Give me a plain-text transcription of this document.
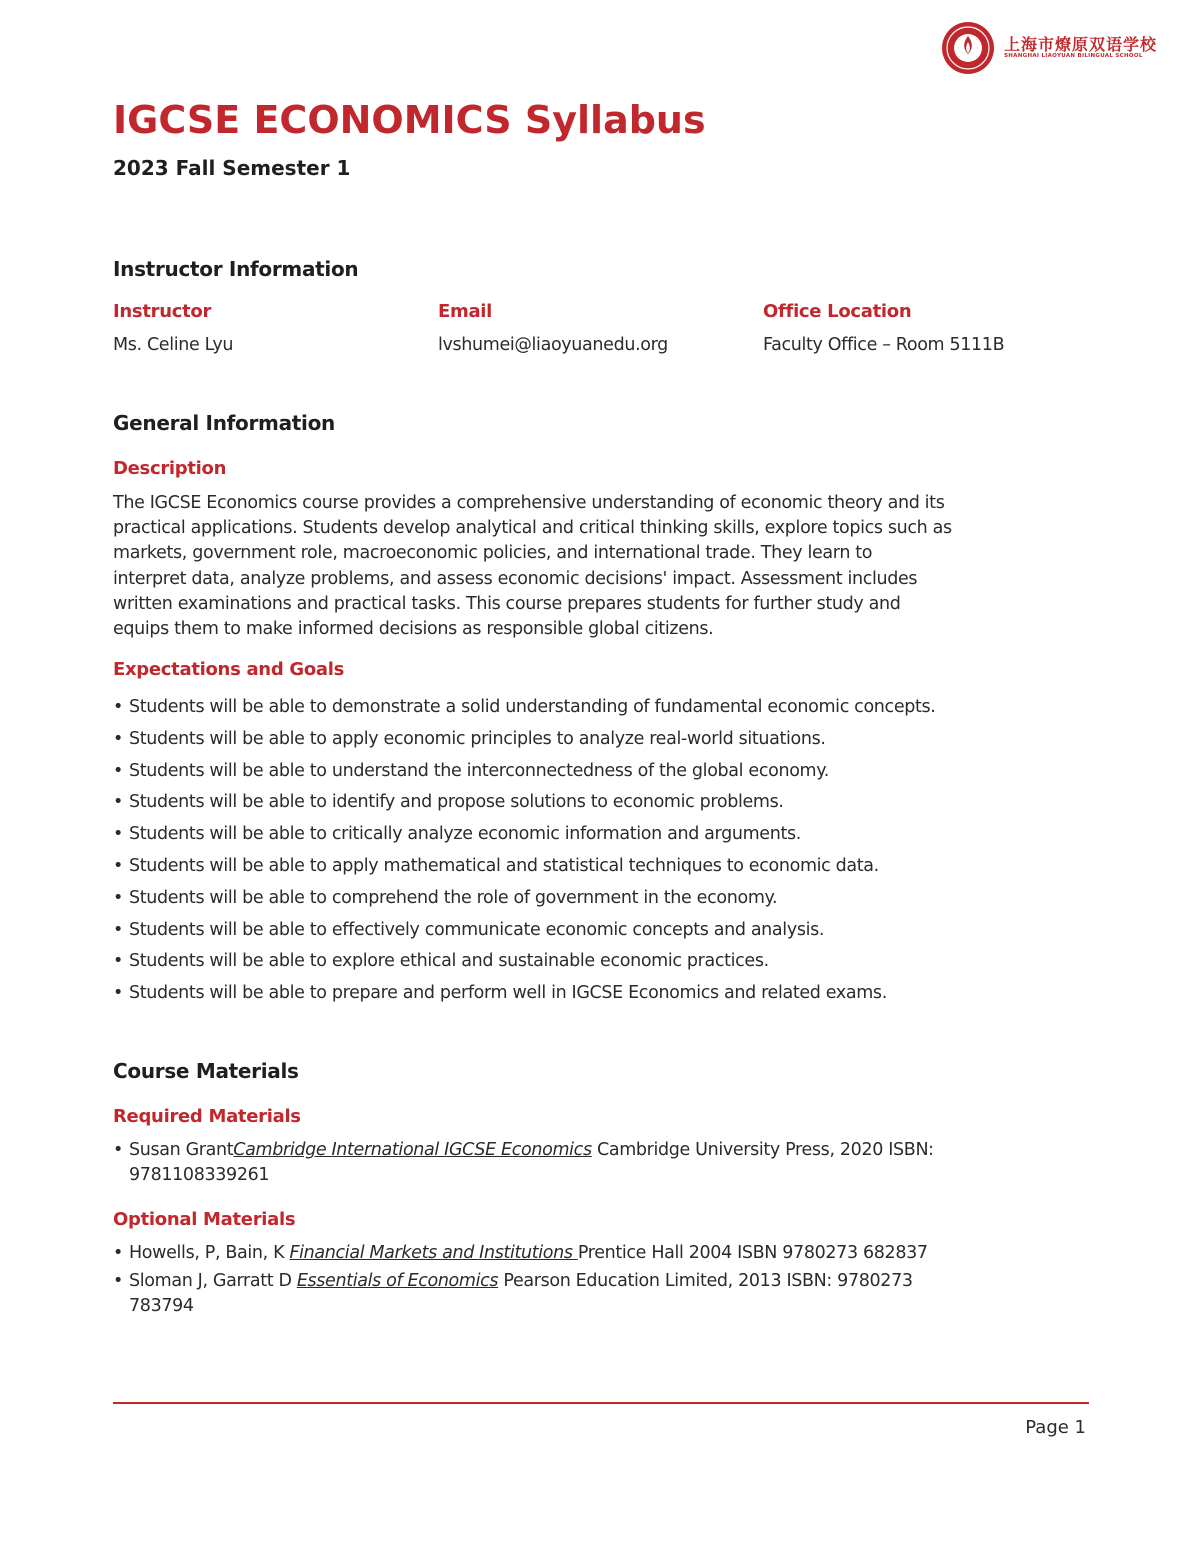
上海市燎原双语学校
SHANGHAI LIAOYUAN BILINGUAL SCHOOL
IGCSE ECONOMICS Syllabus
2023 Fall Semester 1
Instructor Information
Instructor
Ms. Celine Lyu
Email
lvshumei@liaoyuanedu.org
Office Location
Faculty Office – Room 5111B
General Information
Description
The IGCSE Economics course provides a comprehensive understanding of economic theory and its
practical applications. Students develop analytical and critical thinking skills, explore topics such as
markets, government role, macroeconomic policies, and international trade. They learn to
interpret data, analyze problems, and assess economic decisions' impact. Assessment includes
written examinations and practical tasks. This course prepares students for further study and
equips them to make informed decisions as responsible global citizens.
Expectations and Goals
• Students will be able to demonstrate a solid understanding of fundamental economic concepts.
• Students will be able to apply economic principles to analyze real-world situations.
• Students will be able to understand the interconnectedness of the global economy.
• Students will be able to identify and propose solutions to economic problems.
• Students will be able to critically analyze economic information and arguments.
• Students will be able to apply mathematical and statistical techniques to economic data.
• Students will be able to comprehend the role of government in the economy.
• Students will be able to effectively communicate economic concepts and analysis.
• Students will be able to explore ethical and sustainable economic practices.
• Students will be able to prepare and perform well in IGCSE Economics and related exams.
Course Materials
Required Materials
• Susan GrantCambridge International IGCSE Economics Cambridge University Press, 2020 ISBN:
9781108339261
Optional Materials
• Howells, P, Bain, K Financial Markets and Institutions Prentice Hall 2004 ISBN 9780273 682837
• Sloman J, Garratt D Essentials of Economics Pearson Education Limited, 2013 ISBN: 9780273
783794
Page 1
